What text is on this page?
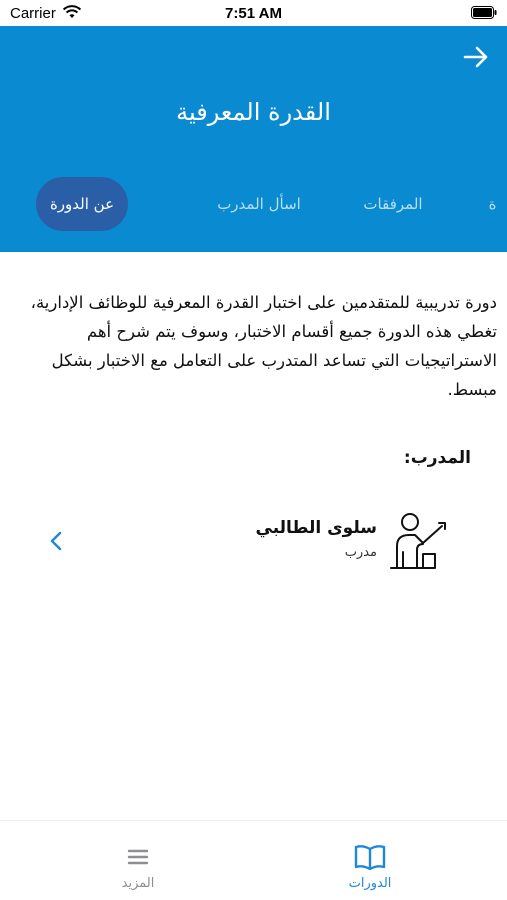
Carrier	7:51 AM
القدرة المعرفية
عن الدورة	اسأل المدرب	المرفقات	ة
دورة تدريبية للمتقدمين على اختبار القدرة المعرفية للوظائف الإدارية، تغطي هذه الدورة جميع أقسام الاختبار، وسوف يتم شرح أهم الاستراتيجيات التي تساعد المتدرب على التعامل مع الاختبار بشكل مبسط.
المدرب:
سلوى الطالبي
مدرب
الدورات
المزيد
